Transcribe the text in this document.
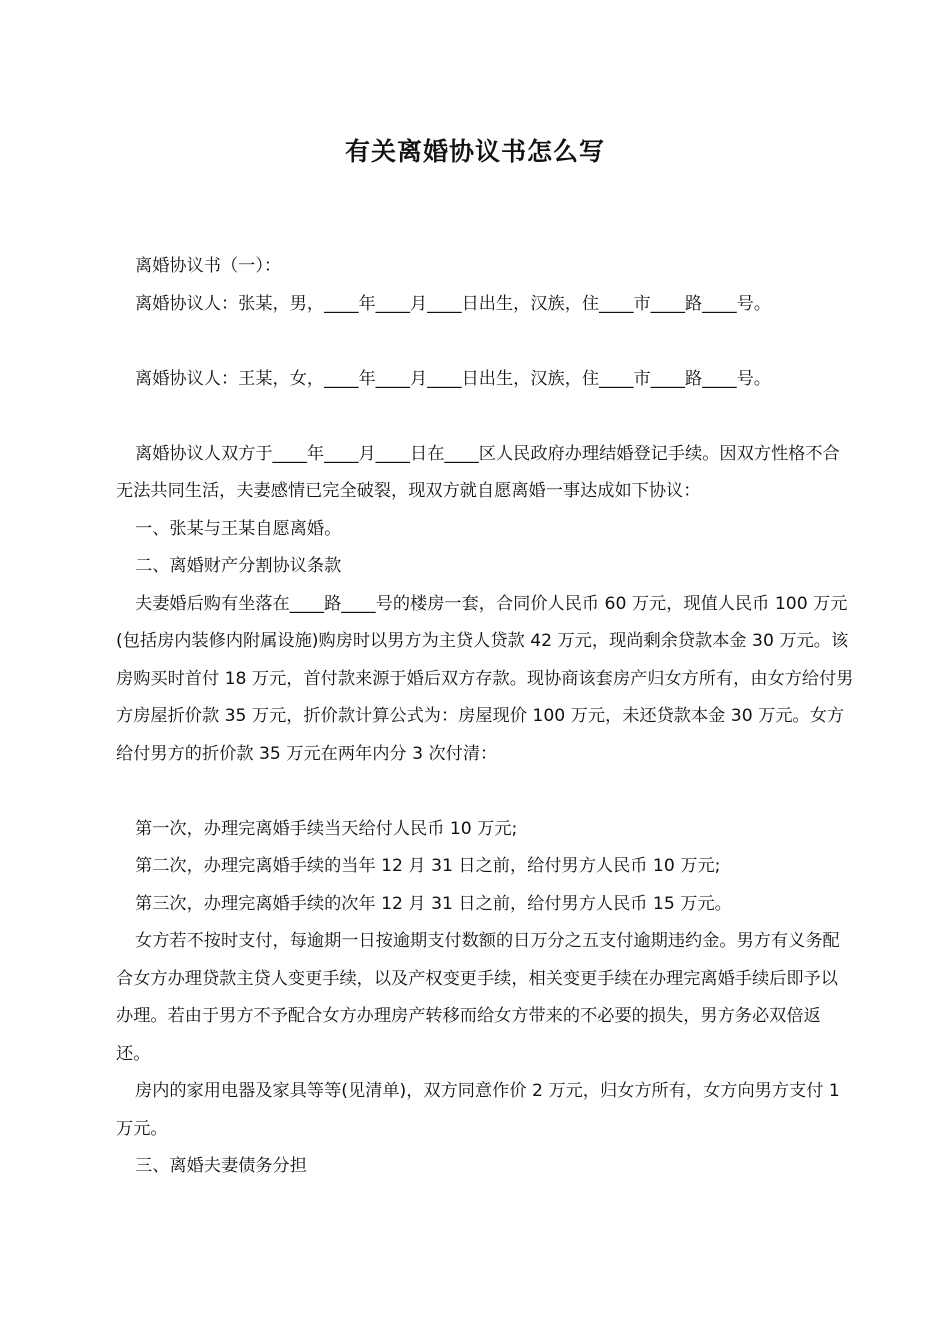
有关离婚协议书怎么写

离婚协议书（一）：

离婚协议人：张某，男，____年____月____日出生，汉族，住____市____路____号。

离婚协议人：王某，女，____年____月____日出生，汉族，住____市____路____号。

离婚协议人双方于____年____月____日在____区人民政府办理结婚登记手续。因双方性格不合无法共同生活，夫妻感情已完全破裂，现双方就自愿离婚一事达成如下协议：

一、张某与王某自愿离婚。

二、离婚财产分割协议条款

夫妻婚后购有坐落在____路____号的楼房一套，合同价人民币 60 万元，现值人民币 100 万元(包括房内装修内附属设施)购房时以男方为主贷人贷款 42 万元，现尚剩余贷款本金 30 万元。该房购买时首付 18 万元，首付款来源于婚后双方存款。现协商该套房产归女方所有，由女方给付男方房屋折价款 35 万元，折价款计算公式为：房屋现价 100 万元，未还贷款本金 30 万元。女方给付男方的折价款 35 万元在两年内分 3 次付清：

第一次，办理完离婚手续当天给付人民币 10 万元;

第二次，办理完离婚手续的当年 12 月 31 日之前，给付男方人民币 10 万元;

第三次，办理完离婚手续的次年 12 月 31 日之前，给付男方人民币 15 万元。

女方若不按时支付，每逾期一日按逾期支付数额的日万分之五支付逾期违约金。男方有义务配合女方办理贷款主贷人变更手续，以及产权变更手续，相关变更手续在办理完离婚手续后即予以办理。若由于男方不予配合女方办理房产转移而给女方带来的不必要的损失，男方务必双倍返还。

房内的家用电器及家具等等(见清单)，双方同意作价 2 万元，归女方所有，女方向男方支付 1 万元。

三、离婚夫妻债务分担
